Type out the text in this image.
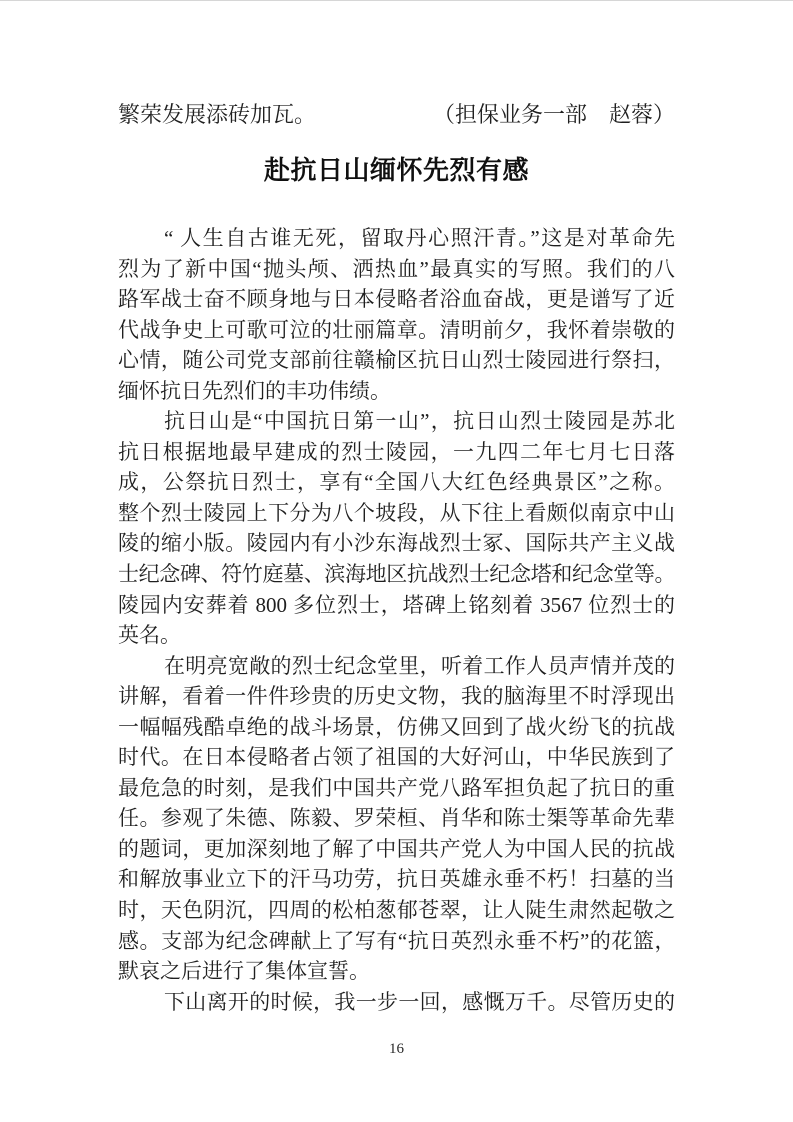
繁荣发展添砖加瓦。	（担保业务一部　赵蓉）
赴抗日山缅怀先烈有感
“ 人生自古谁无死，留取丹心照汗青。”这是对革命先
烈为了新中国“抛头颅、洒热血”最真实的写照。我们的八
路军战士奋不顾身地与日本侵略者浴血奋战，更是谱写了近
代战争史上可歌可泣的壮丽篇章。清明前夕，我怀着崇敬的
心情，随公司党支部前往赣榆区抗日山烈士陵园进行祭扫，
缅怀抗日先烈们的丰功伟绩。
抗日山是“中国抗日第一山”，抗日山烈士陵园是苏北
抗日根据地最早建成的烈士陵园，一九四二年七月七日落
成，公祭抗日烈士，享有“全国八大红色经典景区”之称。
整个烈士陵园上下分为八个坡段，从下往上看颇似南京中山
陵的缩小版。陵园内有小沙东海战烈士冢、国际共产主义战
士纪念碑、符竹庭墓、滨海地区抗战烈士纪念塔和纪念堂等。
陵园内安葬着 800 多位烈士，塔碑上铭刻着 3567 位烈士的
英名。
在明亮宽敞的烈士纪念堂里，听着工作人员声情并茂的
讲解，看着一件件珍贵的历史文物，我的脑海里不时浮现出
一幅幅残酷卓绝的战斗场景，仿佛又回到了战火纷飞的抗战
时代。在日本侵略者占领了祖国的大好河山，中华民族到了
最危急的时刻，是我们中国共产党八路军担负起了抗日的重
任。参观了朱德、陈毅、罗荣桓、肖华和陈士榘等革命先辈
的题词，更加深刻地了解了中国共产党人为中国人民的抗战
和解放事业立下的汗马功劳，抗日英雄永垂不朽！扫墓的当
时，天色阴沉，四周的松柏葱郁苍翠，让人陡生肃然起敬之
感。支部为纪念碑献上了写有“抗日英烈永垂不朽”的花篮，
默哀之后进行了集体宣誓。
下山离开的时候，我一步一回，感慨万千。尽管历史的
16
